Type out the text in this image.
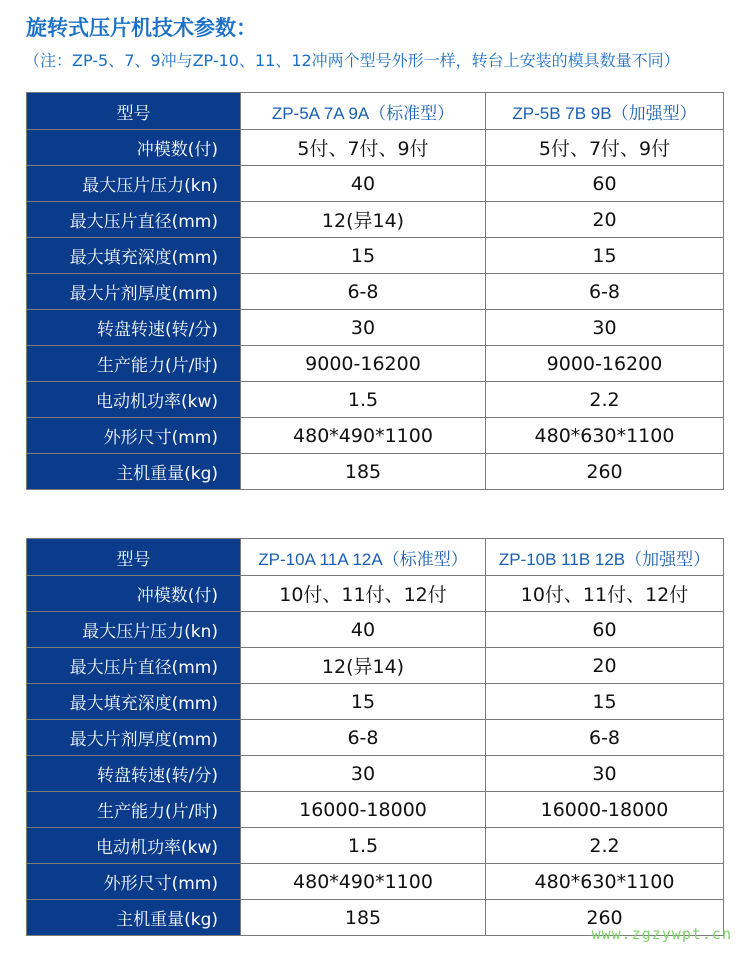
旋转式压片机技术参数：
（注：ZP-5、7、9冲与ZP-10、11、12冲两个型号外形一样，转台上安装的模具数量不同）
型号	ZP-5A 7A 9A（标准型）	ZP-5B 7B 9B（加强型）
冲模数(付)	5付、7付、9付	5付、7付、9付
最大压片压力(kn)	40	60
最大压片直径(mm)	12(异14)	20
最大填充深度(mm)	15	15
最大片剂厚度(mm)	6-8	6-8
转盘转速(转/分)	30	30
生产能力(片/时)	9000-16200	9000-16200
电动机功率(kw)	1.5	2.2
外形尺寸(mm)	480*490*1100	480*630*1100
主机重量(kg)	185	260
型号	ZP-10A 11A 12A（标准型）	ZP-10B 11B 12B（加强型）
冲模数(付)	10付、11付、12付	10付、11付、12付
最大压片压力(kn)	40	60
最大压片直径(mm)	12(异14)	20
最大填充深度(mm)	15	15
最大片剂厚度(mm)	6-8	6-8
转盘转速(转/分)	30	30
生产能力(片/时)	16000-18000	16000-18000
电动机功率(kw)	1.5	2.2
外形尺寸(mm)	480*490*1100	480*630*1100
主机重量(kg)	185	260
www.zgzywpt.cn
